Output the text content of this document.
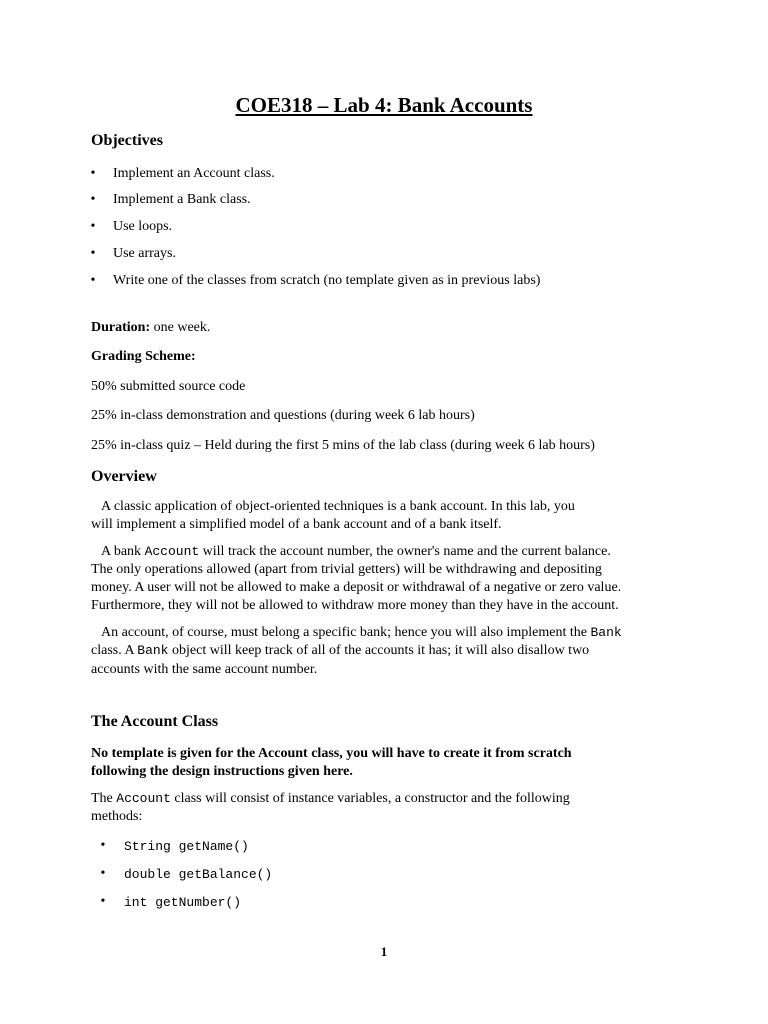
COE318 – Lab 4: Bank Accounts
Objectives
• Implement an Account class.
• Implement a Bank class.
• Use loops.
• Use arrays.
• Write one of the classes from scratch (no template given as in previous labs)
Duration: one week.
Grading Scheme:
50% submitted source code
25% in-class demonstration and questions (during week 6 lab hours)
25% in-class quiz – Held during the first 5 mins of the lab class (during week 6 lab hours)
Overview
A classic application of object-oriented techniques is a bank account. In this lab, you
will implement a simplified model of a bank account and of a bank itself.
A bank Account will track the account number, the owner's name and the current balance.
The only operations allowed (apart from trivial getters) will be withdrawing and depositing
money. A user will not be allowed to make a deposit or withdrawal of a negative or zero value.
Furthermore, they will not be allowed to withdraw more money than they have in the account.
An account, of course, must belong a specific bank; hence you will also implement the Bank
class. A Bank object will keep track of all of the accounts it has; it will also disallow two
accounts with the same account number.
The Account Class
No template is given for the Account class, you will have to create it from scratch
following the design instructions given here.
The Account class will consist of instance variables, a constructor and the following
methods:
• String getName()
• double getBalance()
• int getNumber()
1
